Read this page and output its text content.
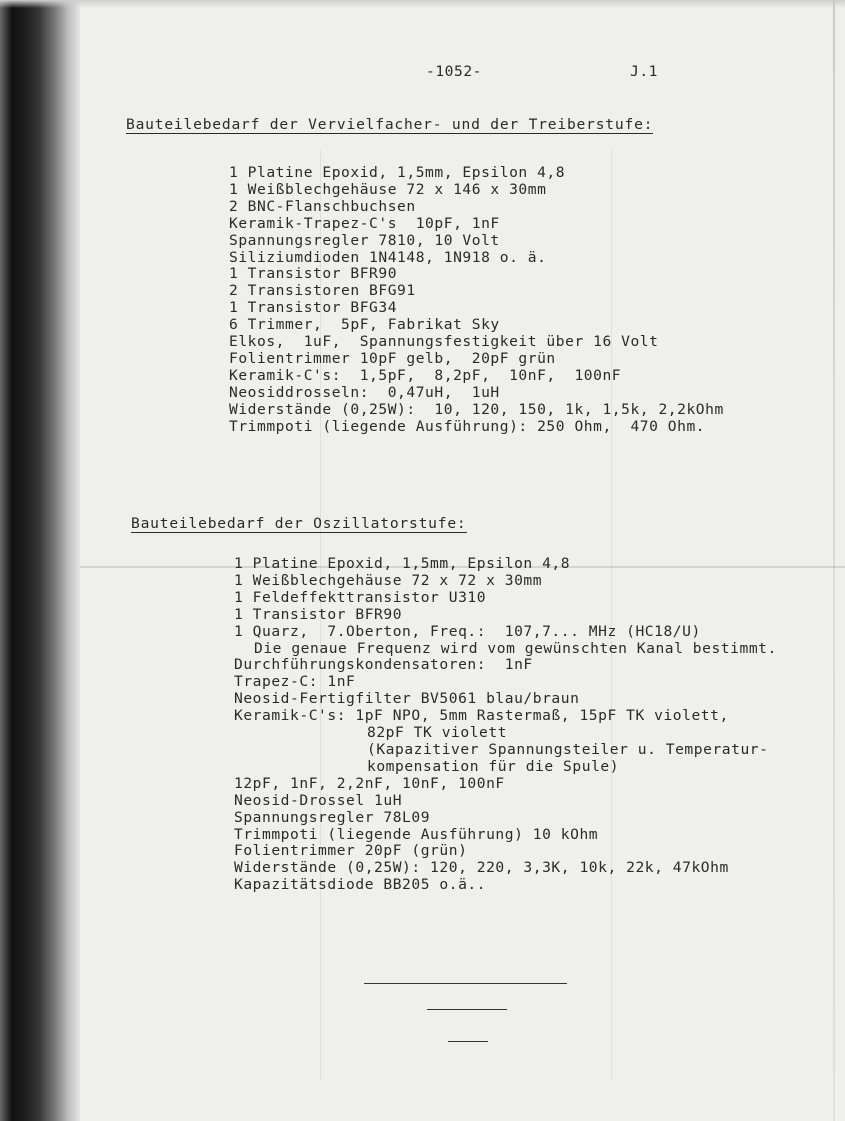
-1052-	J.1
Bauteilebedarf der Vervielfacher- und der Treiberstufe:
1 Platine Epoxid, 1,5mm, Epsilon 4,8
1 Weißblechgehäuse 72 x 146 x 30mm
2 BNC-Flanschbuchsen
Keramik-Trapez-C's  10pF, 1nF
Spannungsregler 7810, 10 Volt
Siliziumdioden 1N4148, 1N918 o. ä.
1 Transistor BFR90
2 Transistoren BFG91
1 Transistor BFG34
6 Trimmer,  5pF, Fabrikat Sky
Elkos,  1uF,  Spannungsfestigkeit über 16 Volt
Folientrimmer 10pF gelb,  20pF grün
Keramik-C's:  1,5pF,  8,2pF,  10nF,  100nF
Neosiddrosseln:  0,47uH,  1uH
Widerstände (0,25W):  10, 120, 150, 1k, 1,5k, 2,2kOhm
Trimmpoti (liegende Ausführung): 250 Ohm,  470 Ohm.
Bauteilebedarf der Oszillatorstufe:
1 Platine Epoxid, 1,5mm, Epsilon 4,8
1 Weißblechgehäuse 72 x 72 x 30mm
1 Feldeffekttransistor U310
1 Transistor BFR90
1 Quarz,  7.Oberton, Freq.:  107,7... MHz (HC18/U)
Die genaue Frequenz wird vom gewünschten Kanal bestimmt.
Durchführungskondensatoren:  1nF
Trapez-C: 1nF
Neosid-Fertigfilter BV5061 blau/braun
Keramik-C's: 1pF NPO, 5mm Rastermaß, 15pF TK violett,
82pF TK violett
(Kapazitiver Spannungsteiler u. Temperatur-
kompensation für die Spule)
12pF, 1nF, 2,2nF, 10nF, 100nF
Neosid-Drossel 1uH
Spannungsregler 78L09
Trimmpoti (liegende Ausführung) 10 kOhm
Folientrimmer 20pF (grün)
Widerstände (0,25W): 120, 220, 3,3K, 10k, 22k, 47kOhm
Kapazitätsdiode BB205 o.ä..
